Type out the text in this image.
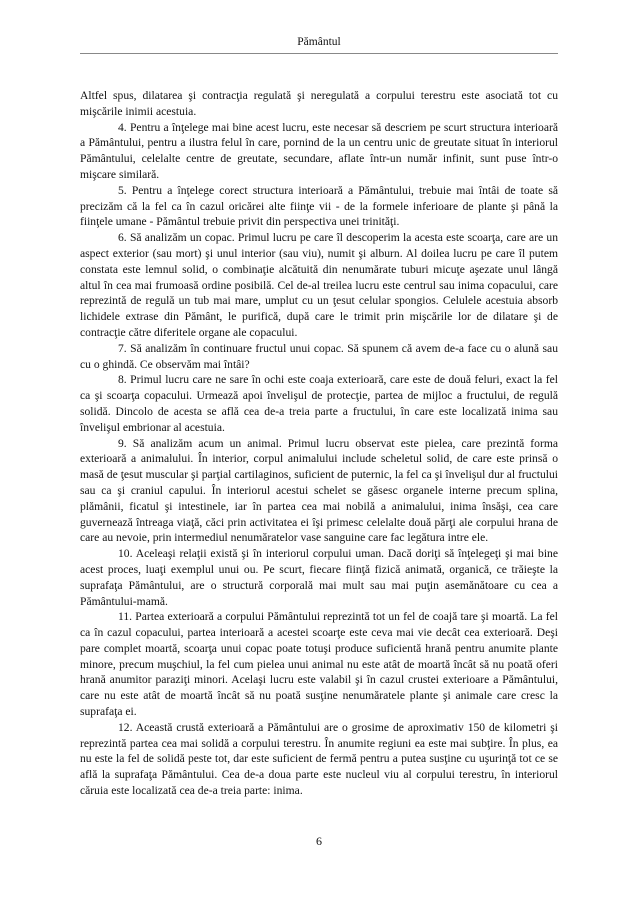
Pământul

Altfel spus, dilatarea şi contracţia regulată şi neregulată a corpului terestru este asociată tot cu mişcările inimii acestuia.

4. Pentru a înţelege mai bine acest lucru, este necesar să descriem pe scurt structura interioară a Pământului, pentru a ilustra felul în care, pornind de la un centru unic de greutate situat în interiorul Pământului, celelalte centre de greutate, secundare, aflate într-un număr infinit, sunt puse într-o mişcare similară.

5. Pentru a înţelege corect structura interioară a Pământului, trebuie mai întâi de toate să precizăm că la fel ca în cazul oricărei alte fiinţe vii - de la formele inferioare de plante şi până la fiinţele umane - Pământul trebuie privit din perspectiva unei trinităţi.

6. Să analizăm un copac. Primul lucru pe care îl descoperim la acesta este scoarţa, care are un aspect exterior (sau mort) şi unul interior (sau viu), numit şi alburn. Al doilea lucru pe care îl putem constata este lemnul solid, o combinaţie alcătuită din nenumărate tuburi micuţe aşezate unul lângă altul în cea mai frumoasă ordine posibilă. Cel de-al treilea lucru este centrul sau inima copacului, care reprezintă de regulă un tub mai mare, umplut cu un ţesut celular spongios. Celulele acestuia absorb lichidele extrase din Pământ, le purifică, după care le trimit prin mişcările lor de dilatare şi de contracţie către diferitele organe ale copacului.

7. Să analizăm în continuare fructul unui copac. Să spunem că avem de-a face cu o alună sau cu o ghindă. Ce observăm mai întâi?

8. Primul lucru care ne sare în ochi este coaja exterioară, care este de două feluri, exact la fel ca şi scoarţa copacului. Urmează apoi învelişul de protecţie, partea de mijloc a fructului, de regulă solidă. Dincolo de acesta se află cea de-a treia parte a fructului, în care este localizată inima sau învelişul embrionar al acestuia.

9. Să analizăm acum un animal. Primul lucru observat este pielea, care prezintă forma exterioară a animalului. În interior, corpul animalului include scheletul solid, de care este prinsă o masă de ţesut muscular şi parţial cartilaginos, suficient de puternic, la fel ca şi învelişul dur al fructului sau ca şi craniul capului. În interiorul acestui schelet se găsesc organele interne precum splina, plămânii, ficatul şi intestinele, iar în partea cea mai nobilă a animalului, inima însăşi, cea care guvernează întreaga viaţă, căci prin activitatea ei îşi primesc celelalte două părţi ale corpului hrana de care au nevoie, prin intermediul nenumăratelor vase sanguine care fac legătura intre ele.

10. Aceleaşi relaţii există şi în interiorul corpului uman. Dacă doriţi să înţelegeţi şi mai bine acest proces, luaţi exemplul unui ou. Pe scurt, fiecare fiinţă fizică animată, organică, ce trăieşte la suprafaţa Pământului, are o structură corporală mai mult sau mai puţin asemănătoare cu cea a Pământului-mamă.

11. Partea exterioară a corpului Pământului reprezintă tot un fel de coajă tare şi moartă. La fel ca în cazul copacului, partea interioară a acestei scoarţe este ceva mai vie decât cea exterioară. Deşi pare complet moartă, scoarţa unui copac poate totuşi produce suficientă hrană pentru anumite plante minore, precum muşchiul, la fel cum pielea unui animal nu este atât de moartă încât să nu poată oferi hrană anumitor paraziţi minori. Acelaşi lucru este valabil şi în cazul crustei exterioare a Pământului, care nu este atât de moartă încât să nu poată susţine nenumăratele plante şi animale care cresc la suprafaţa ei.

12. Această crustă exterioară a Pământului are o grosime de aproximativ 150 de kilometri şi reprezintă partea cea mai solidă a corpului terestru. În anumite regiuni ea este mai subţire. În plus, ea nu este la fel de solidă peste tot, dar este suficient de fermă pentru a putea susţine cu uşurinţă tot ce se află la suprafaţa Pământului. Cea de-a doua parte este nucleul viu al corpului terestru, în interiorul căruia este localizată cea de-a treia parte: inima.

6
